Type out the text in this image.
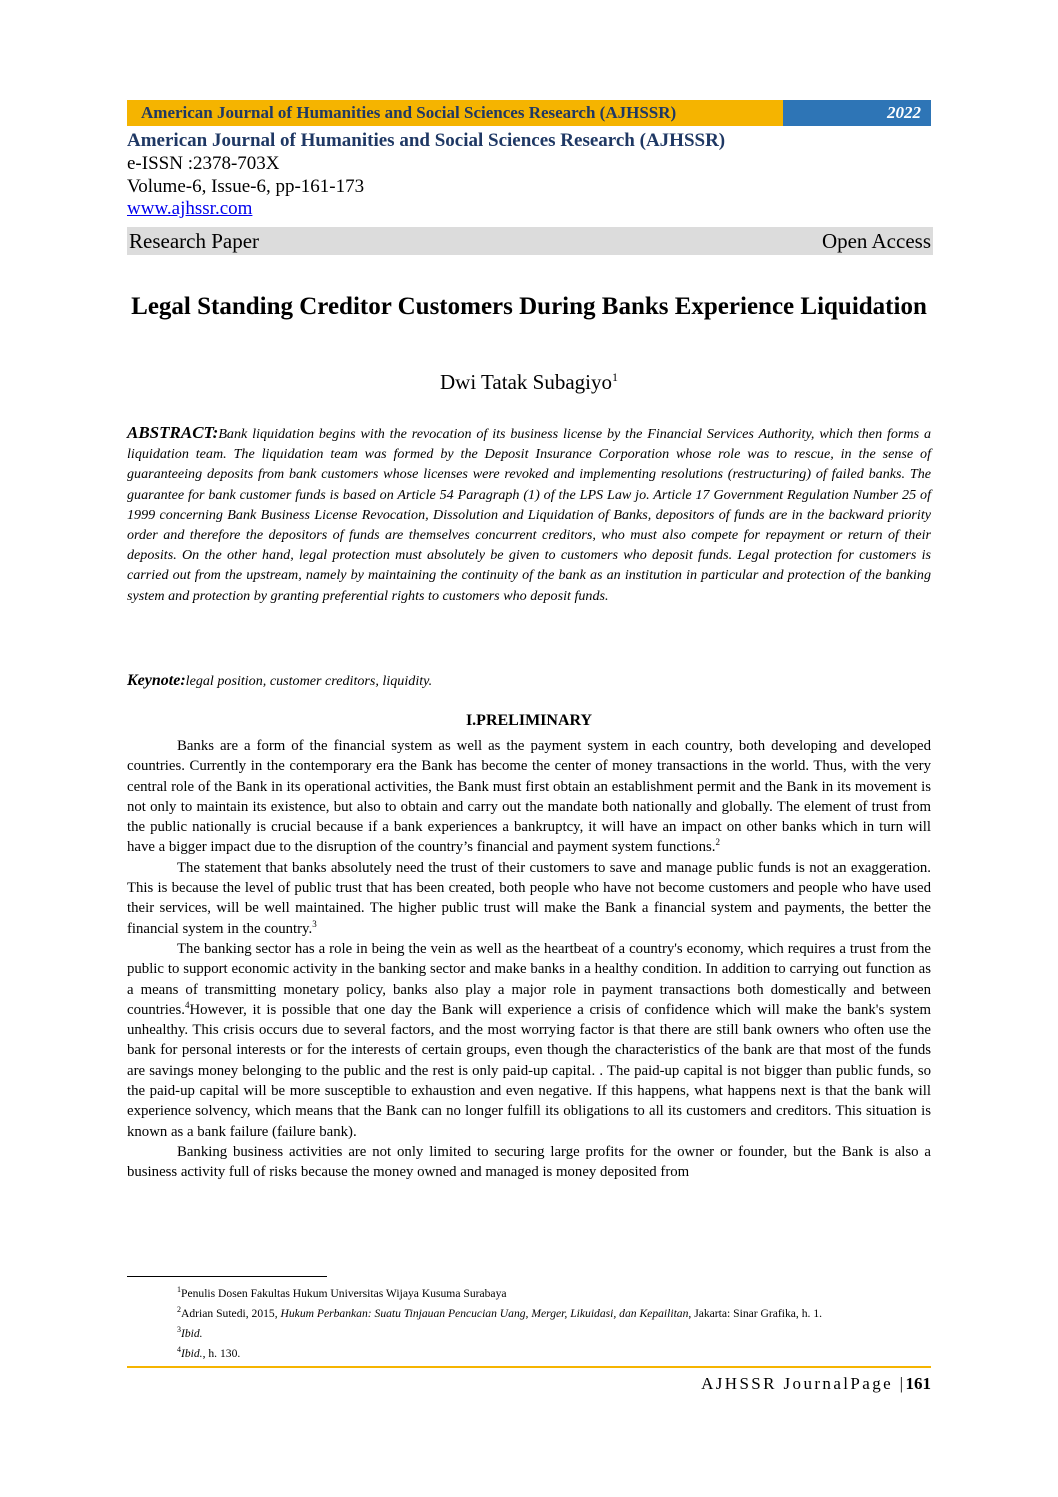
American Journal of Humanities and Social Sciences Research (AJHSSR)	2022
American Journal of Humanities and Social Sciences Research (AJHSSR)
e-ISSN :2378-703X
Volume-6, Issue-6, pp-161-173
www.ajhssr.com
Research Paper	Open Access
Legal Standing Creditor Customers During Banks Experience Liquidation
Dwi Tatak Subagiyo$^1$
ABSTRACT:Bank liquidation begins with the revocation of its business license by the Financial Services Authority, which then forms a liquidation team. The liquidation team was formed by the Deposit Insurance Corporation whose role was to rescue, in the sense of guaranteeing deposits from bank customers whose licenses were revoked and implementing resolutions (restructuring) of failed banks. The guarantee for bank customer funds is based on Article 54 Paragraph (1) of the LPS Law jo. Article 17 Government Regulation Number 25 of 1999 concerning Bank Business License Revocation, Dissolution and Liquidation of Banks, depositors of funds are in the backward priority order and therefore the depositors of funds are themselves concurrent creditors, who must also compete for repayment or return of their deposits. On the other hand, legal protection must absolutely be given to customers who deposit funds. Legal protection for customers is carried out from the upstream, namely by maintaining the continuity of the bank as an institution in particular and protection of the banking system and protection by granting preferential rights to customers who deposit funds.
Keynote:legal position, customer creditors, liquidity.
I.PRELIMINARY

Banks are a form of the financial system as well as the payment system in each country, both developing and developed countries. Currently in the contemporary era the Bank has become the center of money transactions in the world. Thus, with the very central role of the Bank in its operational activities, the Bank must first obtain an establishment permit and the Bank in its movement is not only to maintain its existence, but also to obtain and carry out the mandate both nationally and globally. The element of trust from the public nationally is crucial because if a bank experiences a bankruptcy, it will have an impact on other banks which in turn will have a bigger impact due to the disruption of the country’s financial and payment system functions.$^2$

The statement that banks absolutely need the trust of their customers to save and manage public funds is not an exaggeration. This is because the level of public trust that has been created, both people who have not become customers and people who have used their services, will be well maintained. The higher public trust will make the Bank a financial system and payments, the better the financial system in the country.$^3$

The banking sector has a role in being the vein as well as the heartbeat of a country's economy, which requires a trust from the public to support economic activity in the banking sector and make banks in a healthy condition. In addition to carrying out function as a means of transmitting monetary policy, banks also play a major role in payment transactions both domestically and between countries.$^4$However, it is possible that one day the Bank will experience a crisis of confidence which will make the bank's system unhealthy. This crisis occurs due to several factors, and the most worrying factor is that there are still bank owners who often use the bank for personal interests or for the interests of certain groups, even though the characteristics of the bank are that most of the funds are savings money belonging to the public and the rest is only paid-up capital. . The paid-up capital is not bigger than public funds, so the paid-up capital will be more susceptible to exhaustion and even negative. If this happens, what happens next is that the bank will experience solvency, which means that the Bank can no longer fulfill its obligations to all its customers and creditors. This situation is known as a bank failure (failure bank).

Banking business activities are not only limited to securing large profits for the owner or founder, but the Bank is also a business activity full of risks because the money owned and managed is money deposited from

$^1$Penulis Dosen Fakultas Hukum Universitas Wijaya Kusuma Surabaya
$^2$Adrian Sutedi, 2015, Hukum Perbankan: Suatu Tinjauan Pencucian Uang, Merger, Likuidasi, dan Kepailitan, Jakarta: Sinar Grafika, h. 1.
$^3$Ibid.
$^4$Ibid., h. 130.
AJHSSR JournalPage |161
